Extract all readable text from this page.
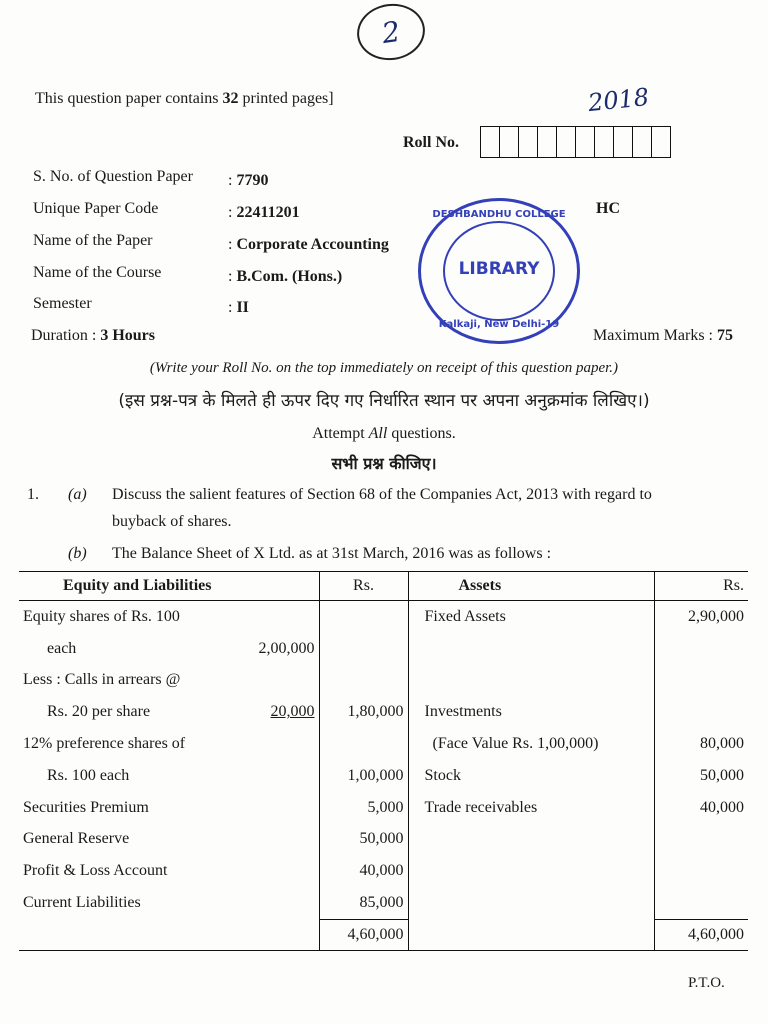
2
This question paper contains 32 printed pages]	2018
Roll No.
S. No. of Question Paper : 7790
Unique Paper Code	: 22411201
Name of the Paper	: Corporate Accounting
Name of the Course	: B.Com. (Hons.)
Semester	: II
HC
DESHBANDHU COLLEGE
LIBRARY
Kalkaji, New Delhi-19
Duration : 3 Hours	Maximum Marks : 75
(Write your Roll No. on the top immediately on receipt of this question paper.)
(इस प्रश्न-पत्र के मिलते ही ऊपर दिए गए निर्धारित स्थान पर अपना अनुक्रमांक लिखिए।)
Attempt All questions.
सभी प्रश्न कीजिए।
1. (a) Discuss the salient features of Section 68 of the Companies Act, 2013 with regard to
buyback of shares.
(b) The Balance Sheet of X Ltd. as at 31st March, 2016 was as follows :
Equity and Liabilities		Rs.	Assets	Rs.
Equity shares of Rs. 100			Fixed Assets	2,90,000
each	2,00,000			
Less : Calls in arrears @				
Rs. 20 per share	20,000	1,80,000	Investments	
12% preference shares of			(Face Value Rs. 1,00,000)	80,000
Rs. 100 each		1,00,000	Stock	50,000
Securities Premium		5,000	Trade receivables	40,000
General Reserve		50,000		
Profit & Loss Account		40,000		
Current Liabilities		85,000		
		4,60,000		4,60,000
P.T.O.
